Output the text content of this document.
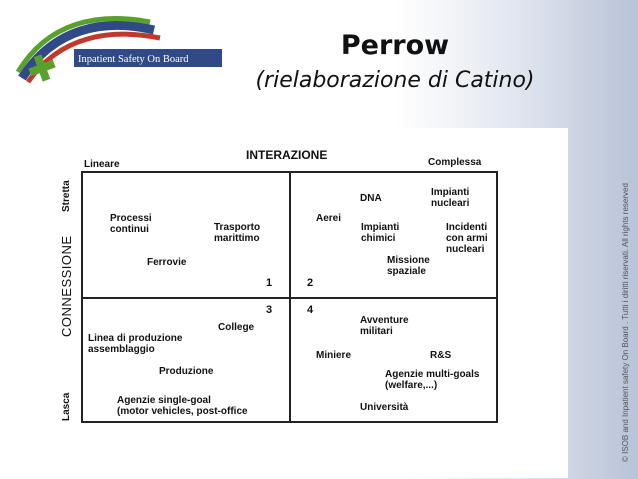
Inpatient Safety On Board	Perrow
(rielaborazione di Catino)
© ISOB and Inpatient safety On Board . Tutti i diritti riservati. All rights reserved
INTERAZIONE
Lineare	Complessa
Stretta
CONNESSIONE
Lasca
1	2
3	4
Processi
continui	Trasporto
marittimo
Ferrovie
DNA
Impianti
nucleari
Aerei
Impianti
chimici
Incidenti
con armi
nucleari
Missione
spaziale
College
Linea di produzione
assemblaggio
Produzione
Agenzie single-goal
(motor vehicles, post-office
Avventure
militari
Miniere	R&S
Agenzie multi-goals
(welfare,...)
Università
